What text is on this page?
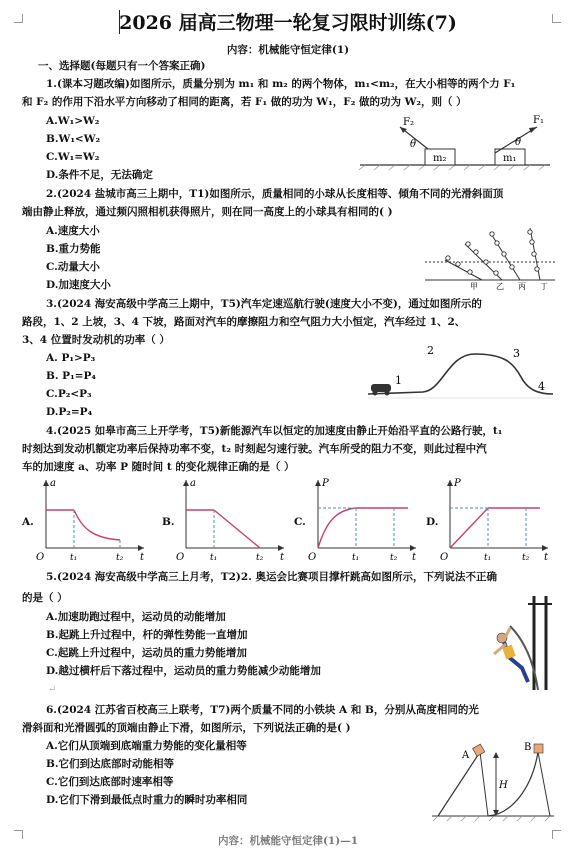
2026 届高三物理一轮复习限时训练(7)
内容：机械能守恒定律(1)
一、选择题(每题只有一个答案正确)
1.(课本习题改编)如图所示，质量分别为 m₁ 和 m₂ 的两个物体，m₁<m₂，在大小相等的两个力 F₁
和 F₂ 的作用下沿水平方向移动了相同的距离，若 F₁ 做的功为 W₁，F₂ 做的功为 W₂，则（ ）
A.W₁>W₂
B.W₁<W₂
C.W₁=W₂
D.条件不足，无法确定
F₂	F₁
θ	θ
m₂	m₁
2.(2024 盐城市高三上期中，T1)如图所示，质量相同的小球从长度相等、倾角不同的光滑斜面顶
端由静止释放，通过频闪照相机获得照片，则在同一高度上的小球具有相同的( )
A.速度大小
B.重力势能
C.动量大小
D.加速度大小	甲 乙 丙 丁
3.(2024 海安高级中学高三上期中，T5)汽车定速巡航行驶(速度大小不变)，通过如图所示的
路段，1、2 上坡，3、4 下坡，路面对汽车的摩擦阻力和空气阻力大小恒定，汽车经过 1、2、
3、4 位置时发动机的功率（ ）
A. P₁>P₃
B. P₁=P₄
C.P₂<P₃
D.P₂=P₄
1
2	3
4
4.(2025 如皋市高三上开学考，T5)新能源汽车以恒定的加速度由静止开始沿平直的公路行驶，t₁
时刻达到发动机额定功率后保持功率不变，t₂ 时刻起匀速行驶。汽车所受的阻力不变，则此过程中汽
车的加速度 a、功率 P 随时间 t 的变化规律正确的是（ ）
A.
a
O	t₁	t₂ t
B.
a
O	t₁	t₂ t
C.
P
O	t₁	t₂ t
D.
P
O	t₁	t₂ t
5.(2024 海安高级中学高三上月考，T2)2. 奥运会比赛项目撑杆跳高如图所示，下列说法不正确
的是（ ）
A.加速助跑过程中，运动员的动能增加
B.起跳上升过程中，杆的弹性势能一直增加
C.起跳上升过程中，运动员的重力势能增加
D.越过横杆后下落过程中，运动员的重力势能减少动能增加
↵
6.(2024 江苏省百校高三上联考，T7)两个质量不同的小铁块 A 和 B，分别从高度相同的光
滑斜面和光滑圆弧的顶端由静止下滑，如图所示，下列说法正确的是( )
A.它们从顶端到底端重力势能的变化量相等
B.它们到达底部时动能相等
C.它们到达底部时速率相等
D.它们下滑到最低点时重力的瞬时功率相同
A
B
H
内容：机械能守恒定律(1)—1
